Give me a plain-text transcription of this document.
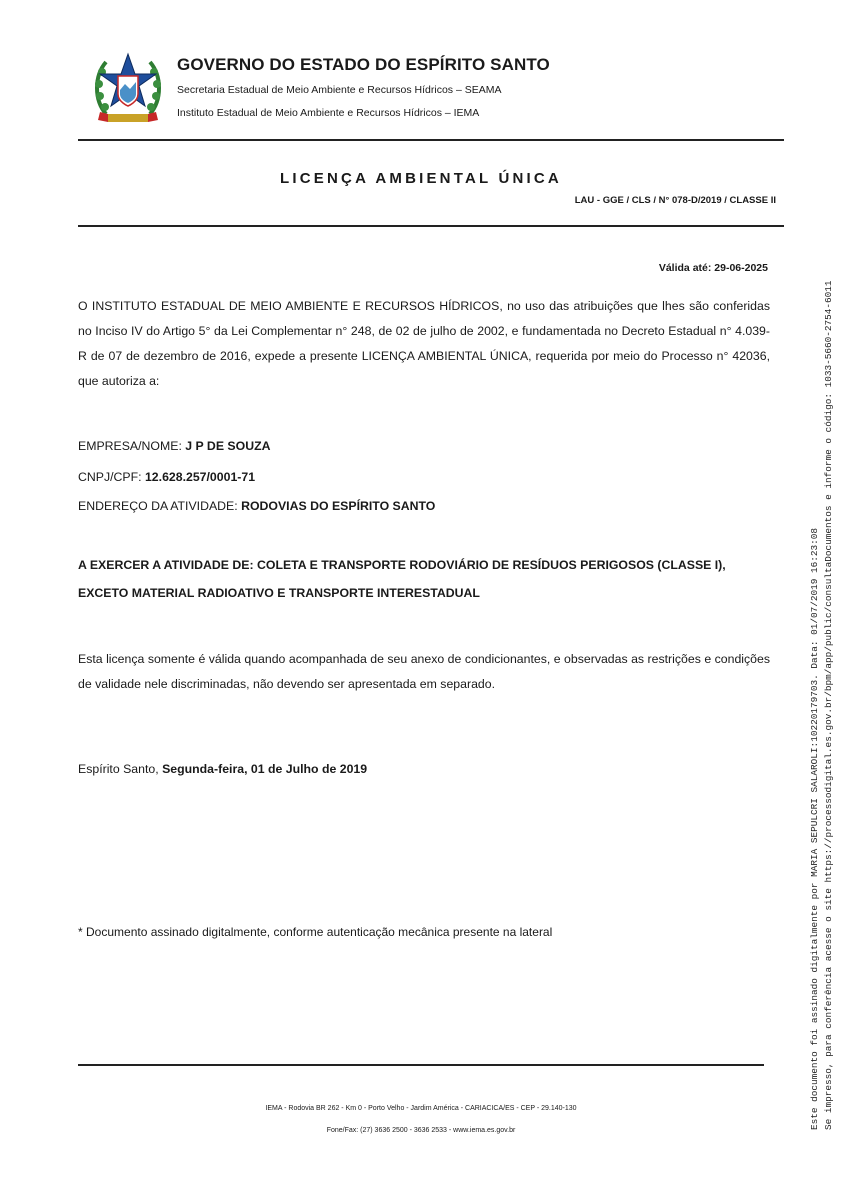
GOVERNO DO ESTADO DO ESPÍRITO SANTO
Secretaria Estadual de Meio Ambiente e Recursos Hídricos – SEAMA
Instituto Estadual de Meio Ambiente e Recursos Hídricos – IEMA
LICENÇA AMBIENTAL ÚNICA
LAU - GGE / CLS / N° 078-D/2019 / CLASSE II
Válida até: 29-06-2025
O INSTITUTO ESTADUAL DE MEIO AMBIENTE E RECURSOS HÍDRICOS, no uso das atribuições que lhes são conferidas no Inciso IV do Artigo 5° da Lei Complementar n° 248, de 02 de julho de 2002, e fundamentada no Decreto Estadual n° 4.039-R de 07 de dezembro de 2016, expede a presente LICENÇA AMBIENTAL ÚNICA, requerida por meio do Processo n° 42036, que autoriza a:
EMPRESA/NOME: J P DE SOUZA
CNPJ/CPF: 12.628.257/0001-71
ENDEREÇO DA ATIVIDADE: RODOVIAS DO ESPÍRITO SANTO
A EXERCER A ATIVIDADE DE: COLETA E TRANSPORTE RODOVIÁRIO DE RESÍDUOS PERIGOSOS (CLASSE I), EXCETO MATERIAL RADIOATIVO E TRANSPORTE INTERESTADUAL
Esta licença somente é válida quando acompanhada de seu anexo de condicionantes, e observadas as restrições e condições de validade nele discriminadas, não devendo ser apresentada em separado.
Espírito Santo, Segunda-feira, 01 de Julho de 2019
* Documento assinado digitalmente, conforme autenticação mecânica presente na lateral
IEMA - Rodovia BR 262 - Km 0 - Porto Velho - Jardim América - CARIACICA/ES - CEP - 29.140-130
Fone/Fax: (27) 3636 2500 - 3636 2533 - www.iema.es.gov.br
Este documento foi assinado digitalmente por MARIA SEPULCRI SALAROLI:10220179703. Data: 01/07/2019 16:23:08 Se impresso, para conferência acesse o site https://processodigital.es.gov.br/bpm/app/public/consultaDocumentos e informe o código: 1033-5660-2754-6011
